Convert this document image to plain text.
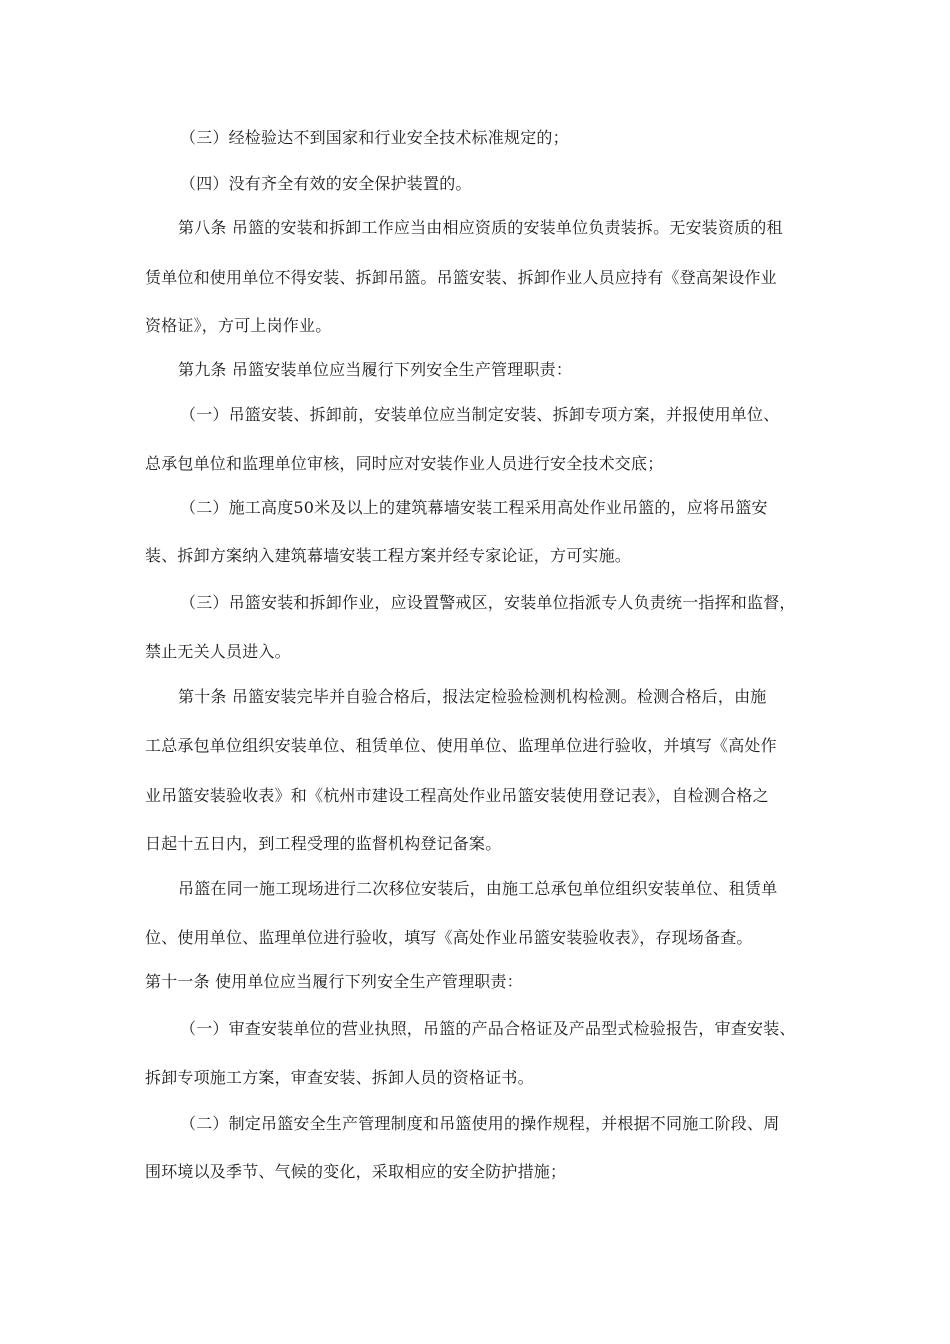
（三）经检验达不到国家和行业安全技术标准规定的；
（四）没有齐全有效的安全保护装置的。
第八条 吊篮的安装和拆卸工作应当由相应资质的安装单位负责装拆。无安装资质的租
赁单位和使用单位不得安装、拆卸吊篮。吊篮安装、拆卸作业人员应持有《登高架设作业
资格证》，方可上岗作业。
第九条 吊篮安装单位应当履行下列安全生产管理职责：
（一）吊篮安装、拆卸前，安装单位应当制定安装、拆卸专项方案，并报使用单位、
总承包单位和监理单位审核，同时应对安装作业人员进行安全技术交底；
（二）施工高度50米及以上的建筑幕墙安装工程采用高处作业吊篮的，应将吊篮安
装、拆卸方案纳入建筑幕墙安装工程方案并经专家论证，方可实施。
（三）吊篮安装和拆卸作业，应设置警戒区，安装单位指派专人负责统一指挥和监督，
禁止无关人员进入。
第十条 吊篮安装完毕并自验合格后，报法定检验检测机构检测。检测合格后，由施
工总承包单位组织安装单位、租赁单位、使用单位、监理单位进行验收，并填写《高处作
业吊篮安装验收表》和《杭州市建设工程高处作业吊篮安装使用登记表》，自检测合格之
日起十五日内，到工程受理的监督机构登记备案。
吊篮在同一施工现场进行二次移位安装后，由施工总承包单位组织安装单位、租赁单
位、使用单位、监理单位进行验收，填写《高处作业吊篮安装验收表》，存现场备查。
第十一条 使用单位应当履行下列安全生产管理职责：
（一）审查安装单位的营业执照，吊篮的产品合格证及产品型式检验报告，审查安装、
拆卸专项施工方案，审查安装、拆卸人员的资格证书。
（二）制定吊篮安全生产管理制度和吊篮使用的操作规程，并根据不同施工阶段、周
围环境以及季节、气候的变化，采取相应的安全防护措施；
